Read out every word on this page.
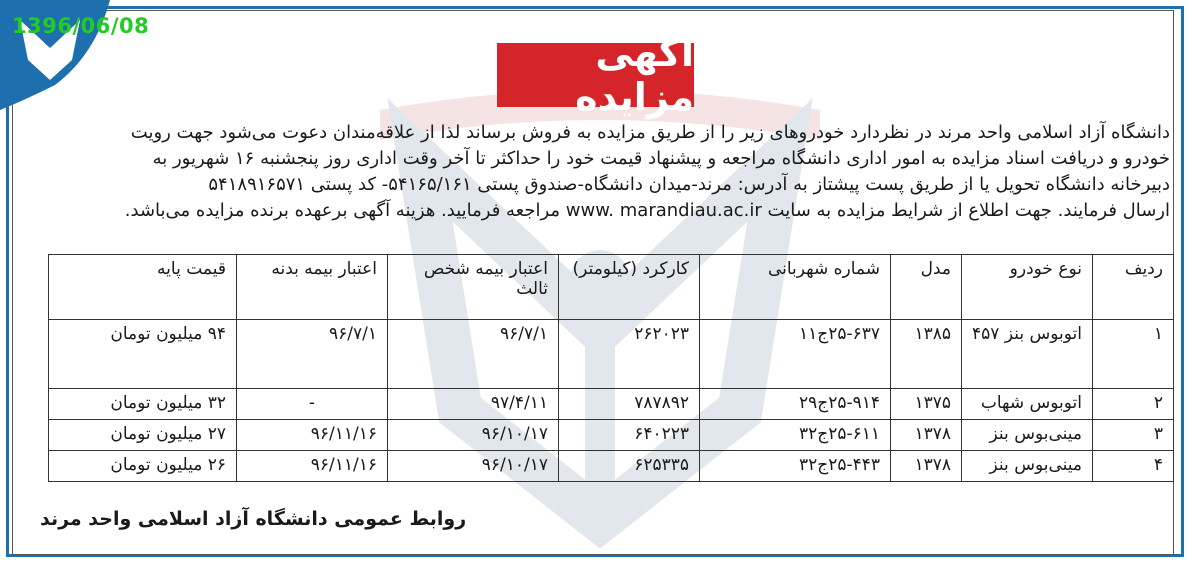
1396/06/08
آگهی مزایده
دانشگاه آزاد اسلامی واحد مرند در نظردارد خودروهای زیر را از طریق مزایده به فروش برساند لذا از علاقه‌مندان دعوت می‌شود جهت رویت
خودرو و دریافت اسناد مزایده به امور اداری دانشگاه مراجعه و پیشنهاد قیمت خود را حداکثر تا آخر وقت اداری روز پنجشنبه ۱۶ شهریور به
دبیرخانه دانشگاه تحویل یا از طریق پست پیشتاز به آدرس: مرند-میدان دانشگاه-صندوق پستی ۵۴۱۶۵/۱۶۱- کد پستی ۵۴۱۸۹۱۶۵۷۱
ارسال فرمایند. جهت اطلاع از شرایط مزایده به سایت www. marandiau.ac.ir مراجعه فرمایید. هزینه آگهی برعهده برنده مزایده می‌باشد.
ردیف	نوع خودرو	مدل	شماره شهربانی	کارکرد (کیلومتر)	اعتبار بیمه شخص ثالث	اعتبار بیمه بدنه	قیمت پایه
۱	اتوبوس بنز ۴۵۷	۱۳۸۵	۲۵-۶۳۷ج۱۱	۲۶۲۰۲۳	۹۶/۷/۱	۹۶/۷/۱	۹۴ میلیون تومان
۲	اتوبوس شهاب	۱۳۷۵	۲۵-۹۱۴ج۲۹	۷۸۷۸۹۲	۹۷/۴/۱۱	-	۳۲ میلیون تومان
۳	مینی‌بوس بنز	۱۳۷۸	۲۵-۶۱۱ج۳۲	۶۴۰۲۲۳	۹۶/۱۰/۱۷	۹۶/۱۱/۱۶	۲۷ میلیون تومان
۴	مینی‌بوس بنز	۱۳۷۸	۲۵-۴۴۳ج۳۲	۶۲۵۳۳۵	۹۶/۱۰/۱۷	۹۶/۱۱/۱۶	۲۶ میلیون تومان
روابط عمومی دانشگاه آزاد اسلامی واحد مرند
